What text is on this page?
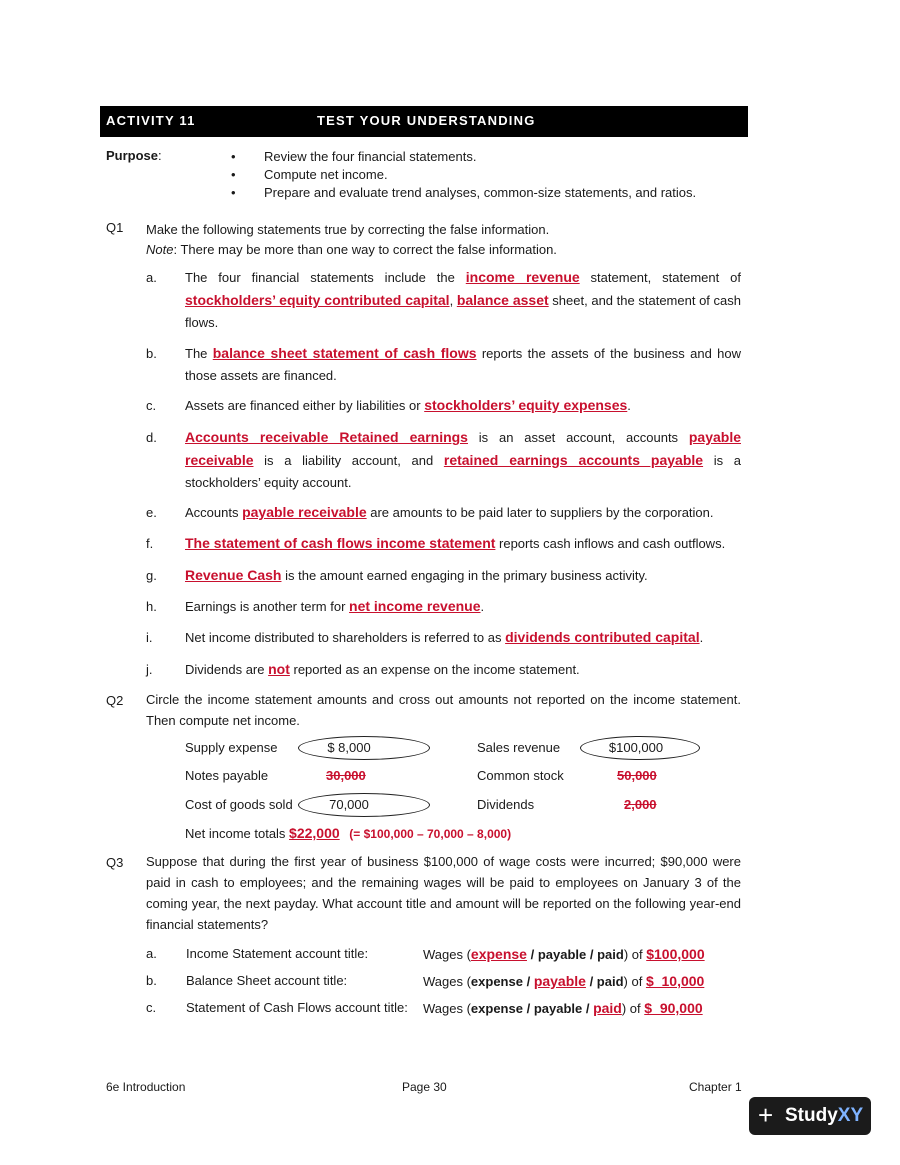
ACTIVITY 11	TEST YOUR UNDERSTANDING
Purpose:	• Review the four financial statements.
• Compute net income.
• Prepare and evaluate trend analyses, common-size statements, and ratios.
Q1 Make the following statements true by correcting the false information.
Note: There may be more than one way to correct the false information.
a. The four financial statements include the income revenue statement, statement of stockholders’ equity contributed capital, balance asset sheet, and the statement of cash flows.
b. The balance sheet statement of cash flows reports the assets of the business and how those assets are financed.
c. Assets are financed either by liabilities or stockholders’ equity expenses.
d. Accounts receivable Retained earnings is an asset account, accounts payable receivable is a liability account, and retained earnings accounts payable is a stockholders’ equity account.
e. Accounts payable receivable are amounts to be paid later to suppliers by the corporation.
f. The statement of cash flows income statement reports cash inflows and cash outflows.
g. Revenue Cash is the amount earned engaging in the primary business activity.
h. Earnings is another term for net income revenue.
i.	Net income distributed to shareholders is referred to as dividends contributed capital.
j.	Dividends are not reported as an expense on the income statement.
Q2 Circle the income statement amounts and cross out amounts not reported on the income statement. Then compute net income.
Supply expense	$ 8,000	Sales revenue	$100,000
Notes payable	30,000	Common stock	50,000
Cost of goods sold	70,000	Dividends	2,000
Net income totals $22,000 (= $100,000 – 70,000 – 8,000)
Q3 Suppose that during the first year of business $100,000 of wage costs were incurred; $90,000 were paid in cash to employees; and the remaining wages will be paid to employees on January 3 of the coming year, the next payday. What account title and amount will be reported on the following year-end financial statements?
a. Income Statement account title:	Wages (expense / payable / paid) of $100,000
b. Balance Sheet account title:	Wages (expense / payable / paid) of $  10,000
c. Statement of Cash Flows account title: Wages (expense / payable / paid) of $  90,000
6e Introduction	Page 30	Chapter 1
+ StudyXY
